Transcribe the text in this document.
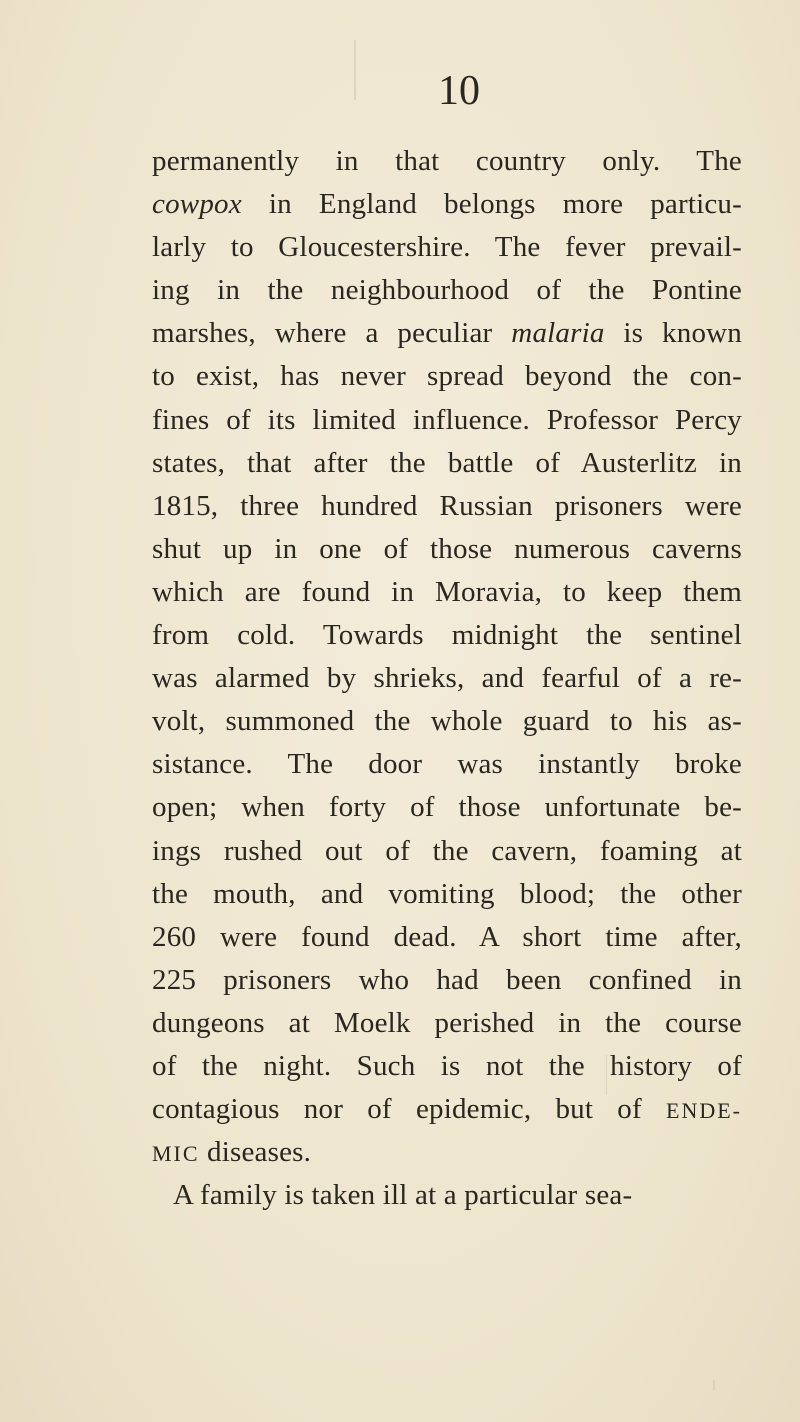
10
permanently in that country only. The
cowpox in England belongs more particu-
larly to Gloucestershire. The fever prevail-
ing in the neighbourhood of the Pontine
marshes, where a peculiar malaria is known
to exist, has never spread beyond the con-
fines of its limited influence. Professor Percy
states, that after the battle of Austerlitz in
1815, three hundred Russian prisoners were
shut up in one of those numerous caverns
which are found in Moravia, to keep them
from cold. Towards midnight the sentinel
was alarmed by shrieks, and fearful of a re-
volt, summoned the whole guard to his as-
sistance. The door was instantly broke
open; when forty of those unfortunate be-
ings rushed out of the cavern, foaming at
the mouth, and vomiting blood; the other
260 were found dead. A short time after,
225 prisoners who had been confined in
dungeons at Moelk perished in the course
of the night. Such is not the history of
contagious nor of epidemic, but of ENDE-
MIC diseases.
A family is taken ill at a particular sea-
